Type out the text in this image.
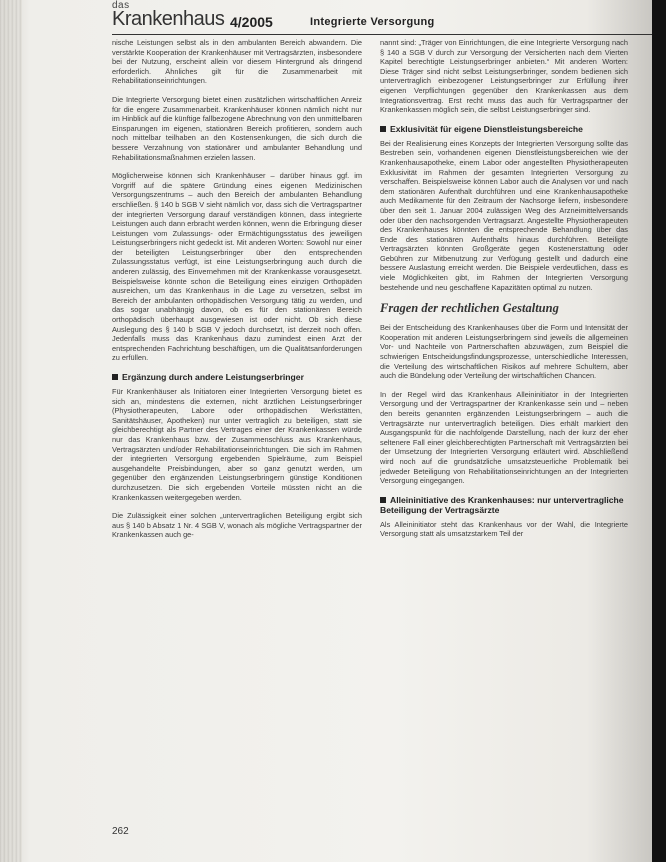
das
Krankenhaus 4/2005	Integrierte Versorgung

nische Leistungen selbst als in den ambulanten Bereich abwandern. Die verstärkte Kooperation der Krankenhäuser mit Vertragsärzten, insbesondere bei der Nutzung, erscheint allein vor diesem Hintergrund als dringend erforderlich. Ähnliches gilt für die Zusammenarbeit mit Rehabilitationseinrichtungen.

Die Integrierte Versorgung bietet einen zusätzlichen wirtschaftlichen Anreiz für die engere Zusammenarbeit. Krankenhäuser können nämlich nicht nur im Hinblick auf die künftige fallbezogene Abrechnung von den unmittelbaren Einsparungen im eigenen, stationären Bereich profitieren, sondern auch noch mittelbar teilhaben an den Kostensenkungen, die sich durch die bessere Verzahnung von stationärer und ambulanter Behandlung und Rehabilitationsmaßnahmen erzielen lassen.

Möglicherweise können sich Krankenhäuser – darüber hinaus ggf. im Vorgriff auf die spätere Gründung eines eigenen Medizinischen Versorgungszentrums – auch den Bereich der ambulanten Behandlung erschließen. § 140 b SGB V sieht nämlich vor, dass sich die Vertragspartner der integrierten Versorgung darauf verständigen können, dass integrierte Leistungen auch dann erbracht werden können, wenn die Erbringung dieser Leistungen vom Zulassungs- oder Ermächtigungsstatus des jeweiligen Leistungserbringers nicht gedeckt ist. Mit anderen Worten: Sowohl nur einer der beteiligten Leistungserbringer über den entsprechenden Zulassungsstatus verfügt, ist eine Leistungserbringung auch durch die anderen zulässig, des Einvernehmen mit der Krankenkasse vorausgesetzt. Beispielsweise könnte schon die Beteiligung eines einzigen Orthopäden ausreichen, um das Krankenhaus in die Lage zu versetzen, selbst im Bereich der ambulanten orthopädischen Versorgung tätig zu werden, und das sogar unabhängig davon, ob es für den stationären Bereich orthopädisch überhaupt ausgewiesen ist oder nicht. Ob sich diese Auslegung des § 140 b SGB V jedoch durchsetzt, ist derzeit noch offen. Jedenfalls muss das Krankenhaus dazu zumindest einen Arzt der entsprechenden Fachrichtung beschäftigen, um die Qualitätsanforderungen zu erfüllen.

Ergänzung durch andere Leistungserbringer

Für Krankenhäuser als Initiatoren einer Integrierten Versorgung bietet es sich an, mindestens die externen, nicht ärztlichen Leistungserbringer (Physiotherapeuten, Labore oder orthopädischen Werkstätten, Sanitätshäuser, Apotheken) nur unter vertraglich zu beteiligen, statt sie gleichberechtigt als Partner des Vertrages einer der Krankenkassen würde nur das Krankenhaus bzw. der Zusammenschluss aus Krankenhaus, Vertragsärzten und/oder Rehabilitationseinrichtungen. Die sich im Rahmen der integrierten Versorgung ergebenden Spielräume, zum Beispiel ausgehandelte Preisbindungen, aber so ganz genutzt werden, um gegenüber den ergänzenden Leistungserbringern günstige Konditionen durchzusetzen. Die sich ergebenden Vorteile müssten nicht an die Krankenkassen weitergegeben werden.

Die Zulässigkeit einer solchen „untervertraglichen Beteiligung ergibt sich aus § 140 b Absatz 1 Nr. 4 SGB V, wonach als mögliche Vertragspartner der Krankenkassen auch ge-

nannt sind: „Träger von Einrichtungen, die eine Integrierte Versorgung nach § 140 a SGB V durch zur Versorgung der Versicherten nach dem Vierten Kapitel berechtigte Leistungserbringer anbieten.“ Mit anderen Worten: Diese Träger sind nicht selbst Leistungserbringer, sondern bedienen sich untervertraglich einbezogener Leistungserbringer zur Erfüllung ihrer eigenen Verpflichtungen gegenüber den Krankenkassen aus dem Integrationsvertrag. Erst recht muss das auch für Vertragspartner der Krankenkassen möglich sein, die selbst Leistungserbringer sind.

Exklusivität für eigene Dienstleistungsbereiche

Bei der Realisierung eines Konzepts der Integrierten Versorgung sollte das Bestreben sein, vorhandenen eigenen Dienstleistungsbereichen wie der Krankenhausapotheke, einem Labor oder angestellten Physiotherapeuten Exklusivität im Rahmen der gesamten Integrierten Versorgung zu verschaffen. Beispielsweise können Labor auch die Analysen vor und nach dem stationären Aufenthalt durchführen und eine Krankenhausapotheke auch Medikamente für den Zeitraum der Nachsorge liefern, insbesondere über den seit 1. Januar 2004 zulässigen Weg des Arzneimittelversands oder über den nachsorgenden Vertragsarzt. Angestellte Physiotherapeuten des Krankenhauses könnten die entsprechende Behandlung über das Ende des stationären Aufenthalts hinaus durchführen. Beteiligte Vertragsärzten könnten Großgeräte gegen Kostenerstattung oder Gebühren zur Mitbenutzung zur Verfügung gestellt und dadurch eine bessere Auslastung erreicht werden. Die Beispiele verdeutlichen, dass es viele Möglichkeiten gibt, im Rahmen der Integrierten Versorgung bestehende und neu geschaffene Kapazitäten optimal zu nutzen.

Fragen der rechtlichen Gestaltung

Bei der Entscheidung des Krankenhauses über die Form und Intensität der Kooperation mit anderen Leistungserbringern sind jeweils die allgemeinen Vor- und Nachteile von Partnerschaften abzuwägen, zum Beispiel die schwierigen Entscheidungsfindungsprozesse, unterschiedliche Interessen, die Verteilung des wirtschaftlichen Risikos auf mehrere Schultern, aber auch die Bündelung oder Verteilung der wirtschaftlichen Chancen.

In der Regel wird das Krankenhaus Alleininitiator in der Integrierten Versorgung und der Vertragspartner der Krankenkasse sein und – neben den bereits genannten ergänzenden Leistungserbringern – auch die Vertragsärzte nur untervertraglich beteiligen. Dies erhält markiert den Ausgangspunkt für die nachfolgende Darstellung, nach der kurz der eher seltenere Fall einer gleichberechtigten Partnerschaft mit Vertragsärzten bei der Umsetzung der Integrierten Versorgung erläutert wird. Abschließend wird noch auf die grundsätzliche umsatzsteuerliche Problematik bei jedweder Beteiligung von Rehabilitationseinrichtungen an der Integrierten Versorgung eingegangen.

Alleininitiative des Krankenhauses: nur untervertragliche Beteiligung der Vertragsärzte

Als Alleininitiator steht das Krankenhaus vor der Wahl, die Integrierte Versorgung statt als umsatzstarkem Teil der

262
